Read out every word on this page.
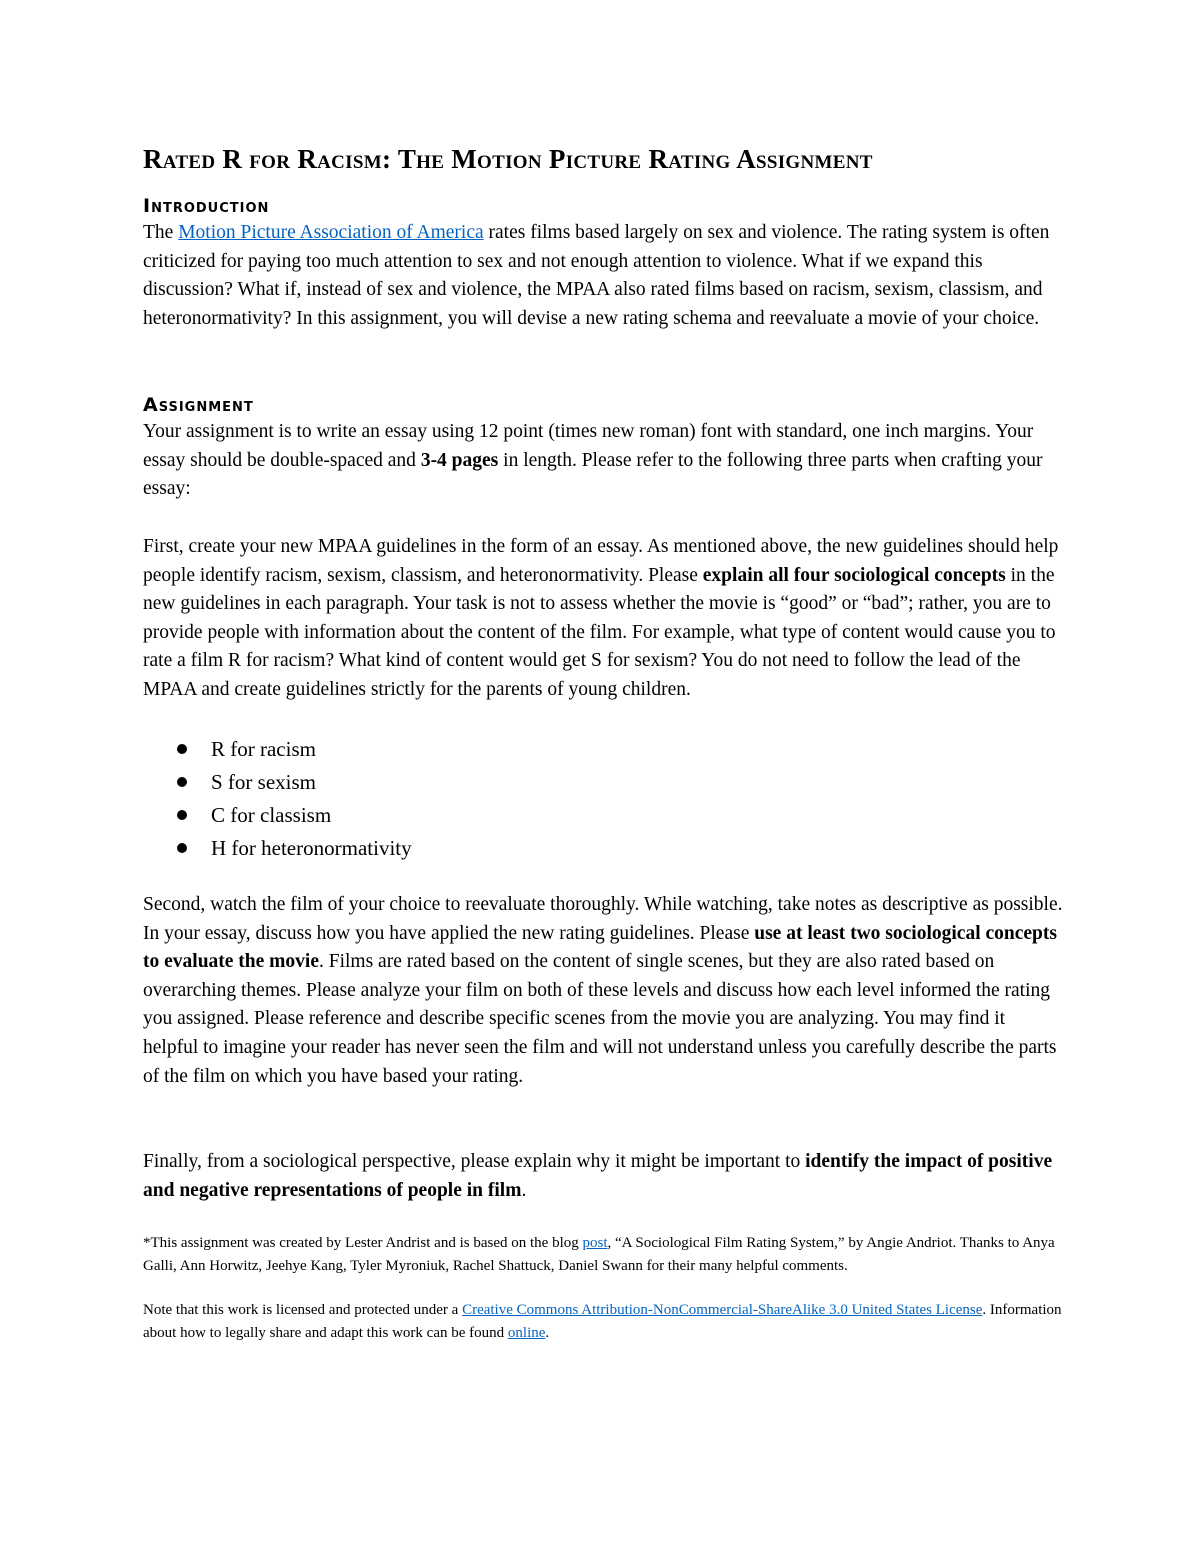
Rated R for Racism: The Motion Picture Rating Assignment
Introduction

The Motion Picture Association of America rates films based largely on sex and violence. The rating system is often criticized for paying too much attention to sex and not enough attention to violence. What if we expand this discussion? What if, instead of sex and violence, the MPAA also rated films based on racism, sexism, classism, and heteronormativity? In this assignment, you will devise a new rating schema and reevaluate a movie of your choice.

Assignment

Your assignment is to write an essay using 12 point (times new roman) font with standard, one inch margins. Your essay should be double-spaced and 3-4 pages in length. Please refer to the following three parts when crafting your essay:

First, create your new MPAA guidelines in the form of an essay. As mentioned above, the new guidelines should help people identify racism, sexism, classism, and heteronormativity. Please explain all four sociological concepts in the new guidelines in each paragraph. Your task is not to assess whether the movie is “good” or “bad”; rather, you are to provide people with information about the content of the film. For example, what type of content would cause you to rate a film R for racism? What kind of content would get S for sexism? You do not need to follow the lead of the MPAA and create guidelines strictly for the parents of young children.

R for racism
S for sexism
C for classism
H for heteronormativity

Second, watch the film of your choice to reevaluate thoroughly. While watching, take notes as descriptive as possible. In your essay, discuss how you have applied the new rating guidelines. Please use at least two sociological concepts to evaluate the movie. Films are rated based on the content of single scenes, but they are also rated based on overarching themes. Please analyze your film on both of these levels and discuss how each level informed the rating you assigned. Please reference and describe specific scenes from the movie you are analyzing. You may find it helpful to imagine your reader has never seen the film and will not understand unless you carefully describe the parts of the film on which you have based your rating.

Finally, from a sociological perspective, please explain why it might be important to identify the impact of positive and negative representations of people in film.

*This assignment was created by Lester Andrist and is based on the blog post, “A Sociological Film Rating System,” by Angie Andriot. Thanks to Anya Galli, Ann Horwitz, Jeehye Kang, Tyler Myroniuk, Rachel Shattuck, Daniel Swann for their many helpful comments.

Note that this work is licensed and protected under a Creative Commons Attribution-NonCommercial-ShareAlike 3.0 United States License. Information about how to legally share and adapt this work can be found online.
